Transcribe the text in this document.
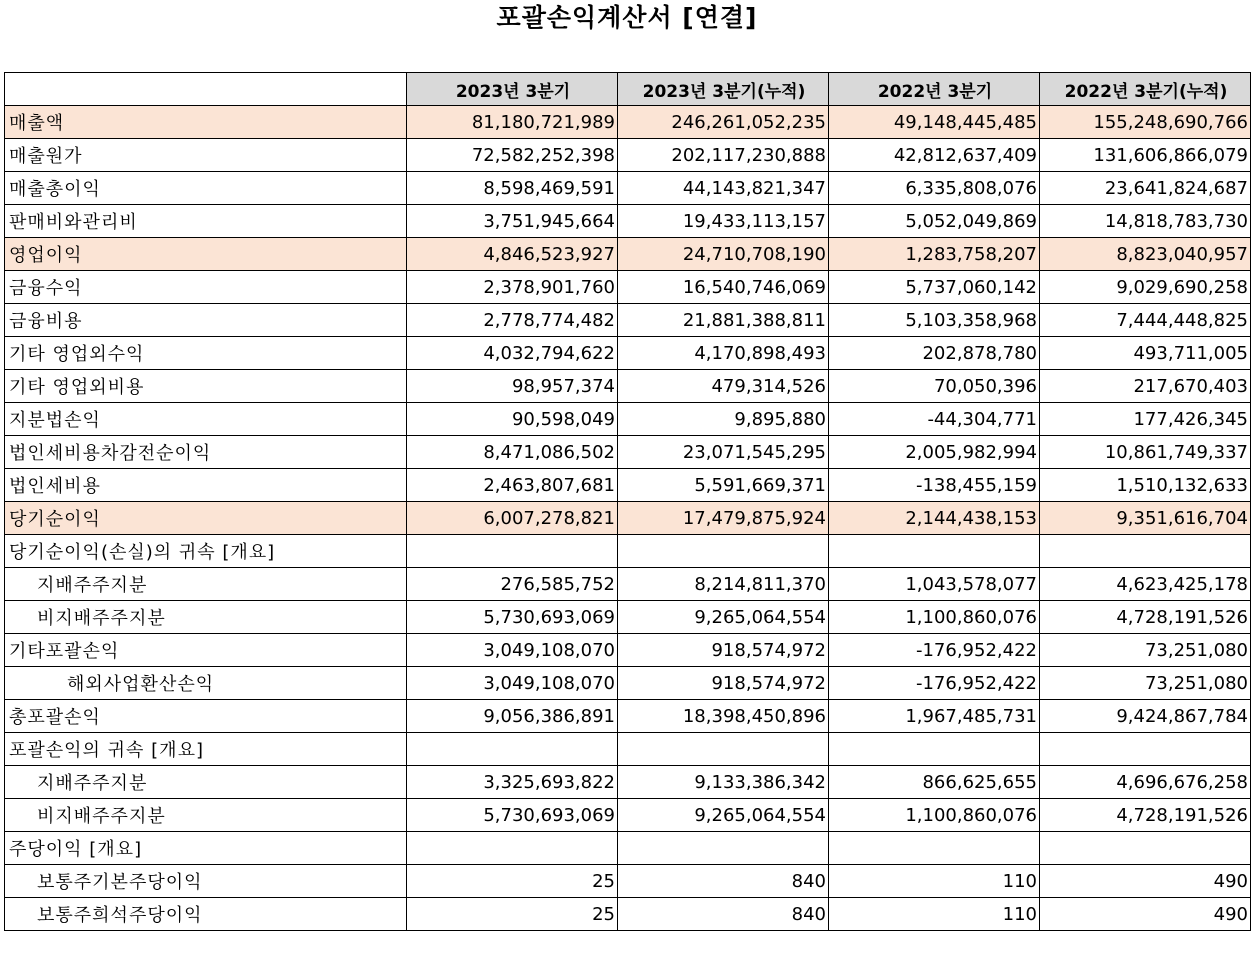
포괄손익계산서 [연결]
	2023년 3분기	2023년 3분기(누적)	2022년 3분기	2022년 3분기(누적)
매출액	81,180,721,989	246,261,052,235	49,148,445,485	155,248,690,766
매출원가	72,582,252,398	202,117,230,888	42,812,637,409	131,606,866,079
매출총이익	8,598,469,591	44,143,821,347	6,335,808,076	23,641,824,687
판매비와관리비	3,751,945,664	19,433,113,157	5,052,049,869	14,818,783,730
영업이익	4,846,523,927	24,710,708,190	1,283,758,207	8,823,040,957
금융수익	2,378,901,760	16,540,746,069	5,737,060,142	9,029,690,258
금융비용	2,778,774,482	21,881,388,811	5,103,358,968	7,444,448,825
기타 영업외수익	4,032,794,622	4,170,898,493	202,878,780	493,711,005
기타 영업외비용	98,957,374	479,314,526	70,050,396	217,670,403
지분법손익	90,598,049	9,895,880	-44,304,771	177,426,345
법인세비용차감전순이익	8,471,086,502	23,071,545,295	2,005,982,994	10,861,749,337
법인세비용	2,463,807,681	5,591,669,371	-138,455,159	1,510,132,633
당기순이익	6,007,278,821	17,479,875,924	2,144,438,153	9,351,616,704
당기순이익(손실)의 귀속 [개요]				
지배주주지분	276,585,752	8,214,811,370	1,043,578,077	4,623,425,178
비지배주주지분	5,730,693,069	9,265,064,554	1,100,860,076	4,728,191,526
기타포괄손익	3,049,108,070	918,574,972	-176,952,422	73,251,080
해외사업환산손익	3,049,108,070	918,574,972	-176,952,422	73,251,080
총포괄손익	9,056,386,891	18,398,450,896	1,967,485,731	9,424,867,784
포괄손익의 귀속 [개요]				
지배주주지분	3,325,693,822	9,133,386,342	866,625,655	4,696,676,258
비지배주주지분	5,730,693,069	9,265,064,554	1,100,860,076	4,728,191,526
주당이익 [개요]				
보통주기본주당이익	25	840	110	490
보통주희석주당이익	25	840	110	490
